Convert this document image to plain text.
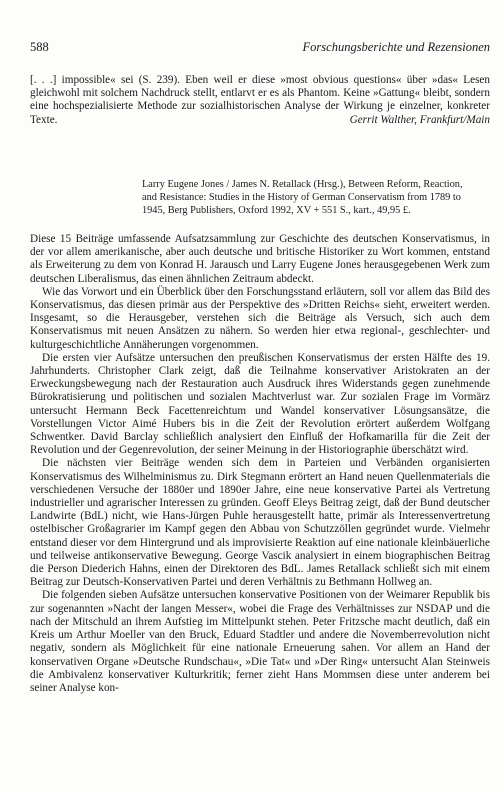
588	Forschungsberichte und Rezensionen

[. . .] impossible« sei (S. 239). Eben weil er diese »most obvious questions« über »das« Lesen gleichwohl mit solchem Nachdruck stellt, entlarvt er es als Phantom. Keine »Gattung« bleibt, sondern eine hochspezialisierte Methode zur sozialhistorischen Analyse der Wirkung je einzelner, konkreter Texte.	Gerrit Walther, Frankfurt/Main

Larry Eugene Jones / James N. Retallack (Hrsg.), Between Reform, Reaction,
and Resistance: Studies in the History of German Conservatism from 1789 to
1945, Berg Publishers, Oxford 1992, XV + 551 S., kart., 49,95 £.

Diese 15 Beiträge umfassende Aufsatzsammlung zur Geschichte des deutschen Konservatismus, in der vor allem amerikanische, aber auch deutsche und britische Historiker zu Wort kommen, entstand als Erweiterung zu dem von Konrad H. Jarausch und Larry Eugene Jones herausgegebenen Werk zum deutschen Liberalismus, das einen ähnlichen Zeitraum abdeckt.

Wie das Vorwort und ein Überblick über den Forschungsstand erläutern, soll vor allem das Bild des Konservatismus, das diesen primär aus der Perspektive des »Dritten Reichs« sieht, erweitert werden. Insgesamt, so die Herausgeber, verstehen sich die Beiträge als Versuch, sich auch dem Konservatismus mit neuen Ansätzen zu nähern. So werden hier etwa regional-, geschlechter- und kulturgeschichtliche Annäherungen vorgenommen.

Die ersten vier Aufsätze untersuchen den preußischen Konservatismus der ersten Hälfte des 19. Jahrhunderts. Christopher Clark zeigt, daß die Teilnahme konservativer Aristokraten an der Erweckungsbewegung nach der Restauration auch Ausdruck ihres Widerstands gegen zunehmende Bürokratisierung und politischen und sozialen Machtverlust war. Zur sozialen Frage im Vormärz untersucht Hermann Beck Facettenreichtum und Wandel konservativer Lösungsansätze, die Vorstellungen Victor Aimé Hubers bis in die Zeit der Revolution erörtert außerdem Wolfgang Schwentker. David Barclay schließlich analysiert den Einfluß der Hofkamarilla für die Zeit der Revolution und der Gegenrevolution, der seiner Meinung in der Historiographie überschätzt wird.

Die nächsten vier Beiträge wenden sich dem in Parteien und Verbänden organisierten Konservatismus des Wilhelminismus zu. Dirk Stegmann erörtert an Hand neuen Quellenmaterials die verschiedenen Versuche der 1880er und 1890er Jahre, eine neue konservative Partei als Vertretung industrieller und agrarischer Interessen zu gründen. Geoff Eleys Beitrag zeigt, daß der Bund deutscher Landwirte (BdL) nicht, wie Hans-Jürgen Puhle herausgestellt hatte, primär als Interessenvertretung ostelbischer Großagrarier im Kampf gegen den Abbau von Schutzzöllen gegründet wurde. Vielmehr entstand dieser vor dem Hintergrund und als improvisierte Reaktion auf eine nationale kleinbäuerliche und teilweise antikonservative Bewegung. George Vascik analysiert in einem biographischen Beitrag die Person Diederich Hahns, einen der Direktoren des BdL. James Retallack schließt sich mit einem Beitrag zur Deutsch-Konservativen Partei und deren Verhältnis zu Bethmann Hollweg an.

Die folgenden sieben Aufsätze untersuchen konservative Positionen von der Weimarer Republik bis zur sogenannten »Nacht der langen Messer«, wobei die Frage des Verhältnisses zur NSDAP und die nach der Mitschuld an ihrem Aufstieg im Mittelpunkt stehen. Peter Fritzsche macht deutlich, daß ein Kreis um Arthur Moeller van den Bruck, Eduard Stadtler und andere die Novemberrevolution nicht negativ, sondern als Möglichkeit für eine nationale Erneuerung sahen. Vor allem an Hand der konservativen Organe »Deutsche Rundschau«, »Die Tat« und »Der Ring« untersucht Alan Steinweis die Ambivalenz konservativer Kulturkritik; ferner zieht Hans Mommsen diese unter anderem bei seiner Analyse kon-
